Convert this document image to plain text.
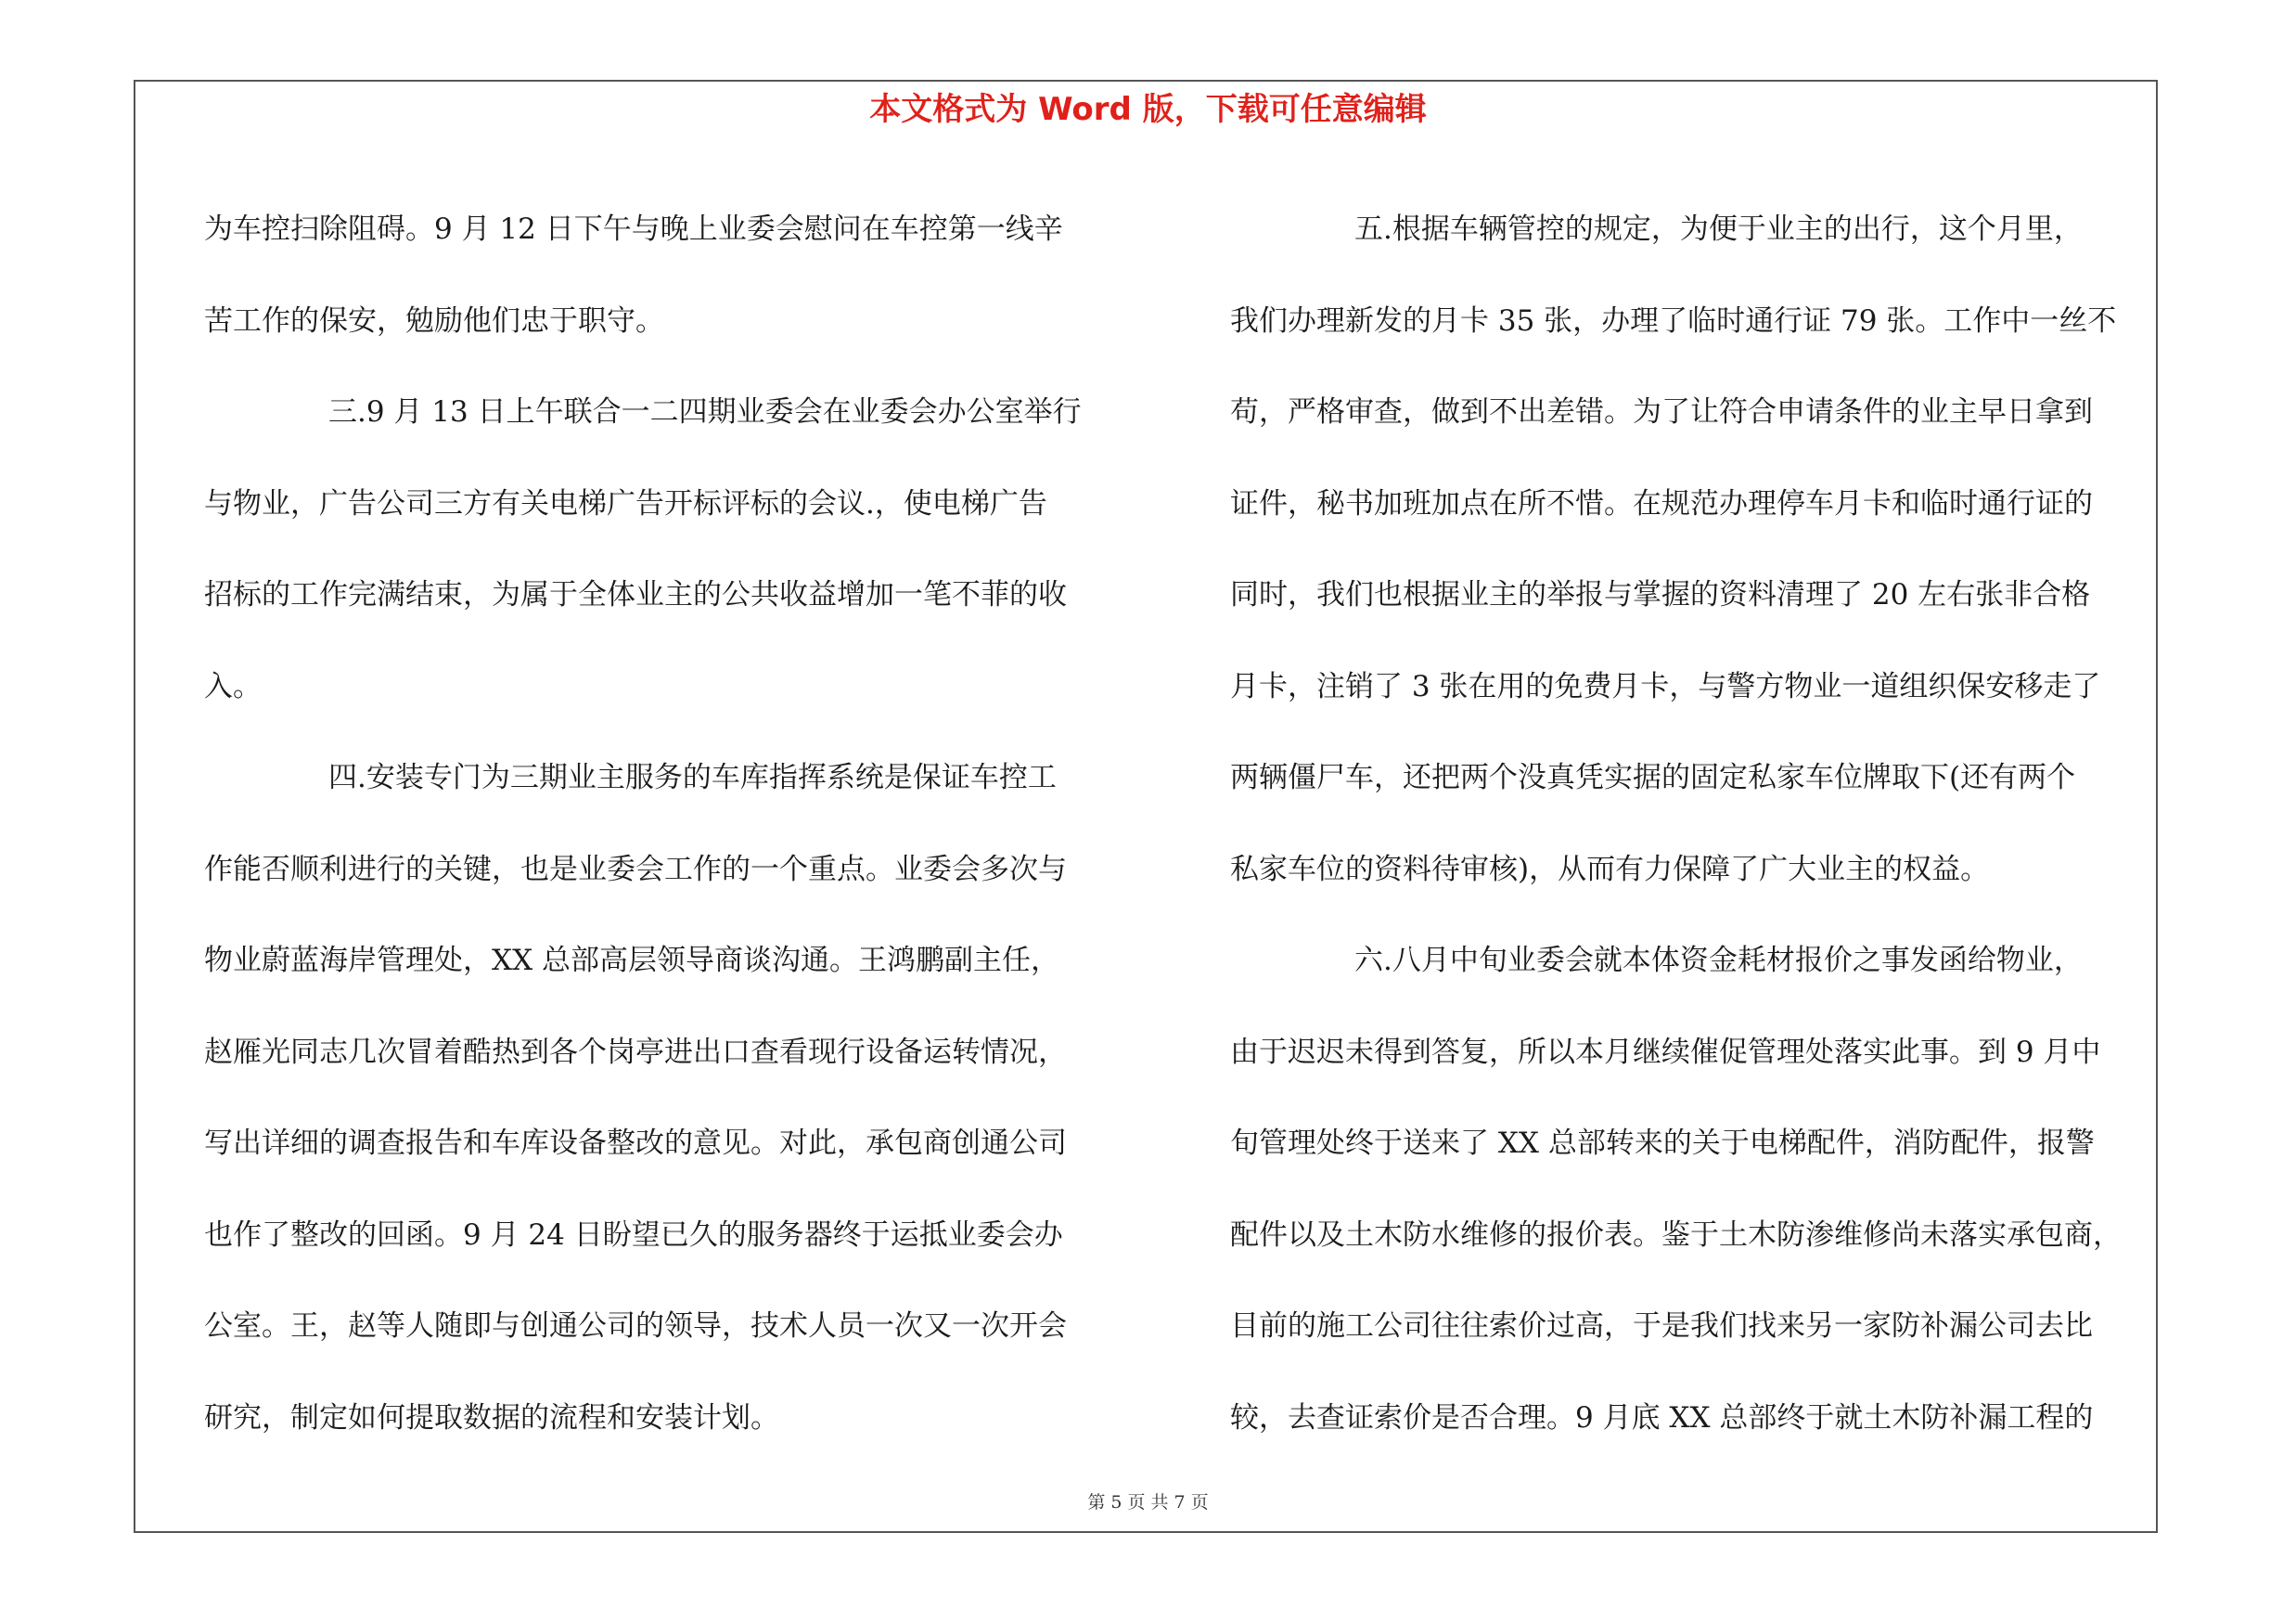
本文格式为 Word 版，下载可任意编辑
为车控扫除阻碍。9 月 12 日下午与晚上业委会慰问在车控第一线辛
苦工作的保安，勉励他们忠于职守。
三.9 月 13 日上午联合一二四期业委会在业委会办公室举行
与物业，广告公司三方有关电梯广告开标评标的会议.，使电梯广告
招标的工作完满结束，为属于全体业主的公共收益增加一笔不菲的收
入。
四.安装专门为三期业主服务的车库指挥系统是保证车控工
作能否顺利进行的关键，也是业委会工作的一个重点。业委会多次与
物业蔚蓝海岸管理处，XX 总部高层领导商谈沟通。王鸿鹏副主任，
赵雁光同志几次冒着酷热到各个岗亭进出口查看现行设备运转情况，
写出详细的调查报告和车库设备整改的意见。对此，承包商创通公司
也作了整改的回函。9 月 24 日盼望已久的服务器终于运抵业委会办
公室。王，赵等人随即与创通公司的领导，技术人员一次又一次开会
研究，制定如何提取数据的流程和安装计划。
五.根据车辆管控的规定，为便于业主的出行，这个月里，
我们办理新发的月卡 35 张，办理了临时通行证 79 张。工作中一丝不
苟，严格审查，做到不出差错。为了让符合申请条件的业主早日拿到
证件，秘书加班加点在所不惜。在规范办理停车月卡和临时通行证的
同时，我们也根据业主的举报与掌握的资料清理了 20 左右张非合格
月卡，注销了 3 张在用的免费月卡，与警方物业一道组织保安移走了
两辆僵尸车，还把两个没真凭实据的固定私家车位牌取下(还有两个
私家车位的资料待审核)，从而有力保障了广大业主的权益。
六.八月中旬业委会就本体资金耗材报价之事发函给物业，
由于迟迟未得到答复，所以本月继续催促管理处落实此事。到 9 月中
旬管理处终于送来了 XX 总部转来的关于电梯配件，消防配件，报警
配件以及土木防水维修的报价表。鉴于土木防渗维修尚未落实承包商，
目前的施工公司往往索价过高，于是我们找来另一家防补漏公司去比
较，去查证索价是否合理。9 月底 XX 总部终于就土木防补漏工程的
第 5 页 共 7 页
